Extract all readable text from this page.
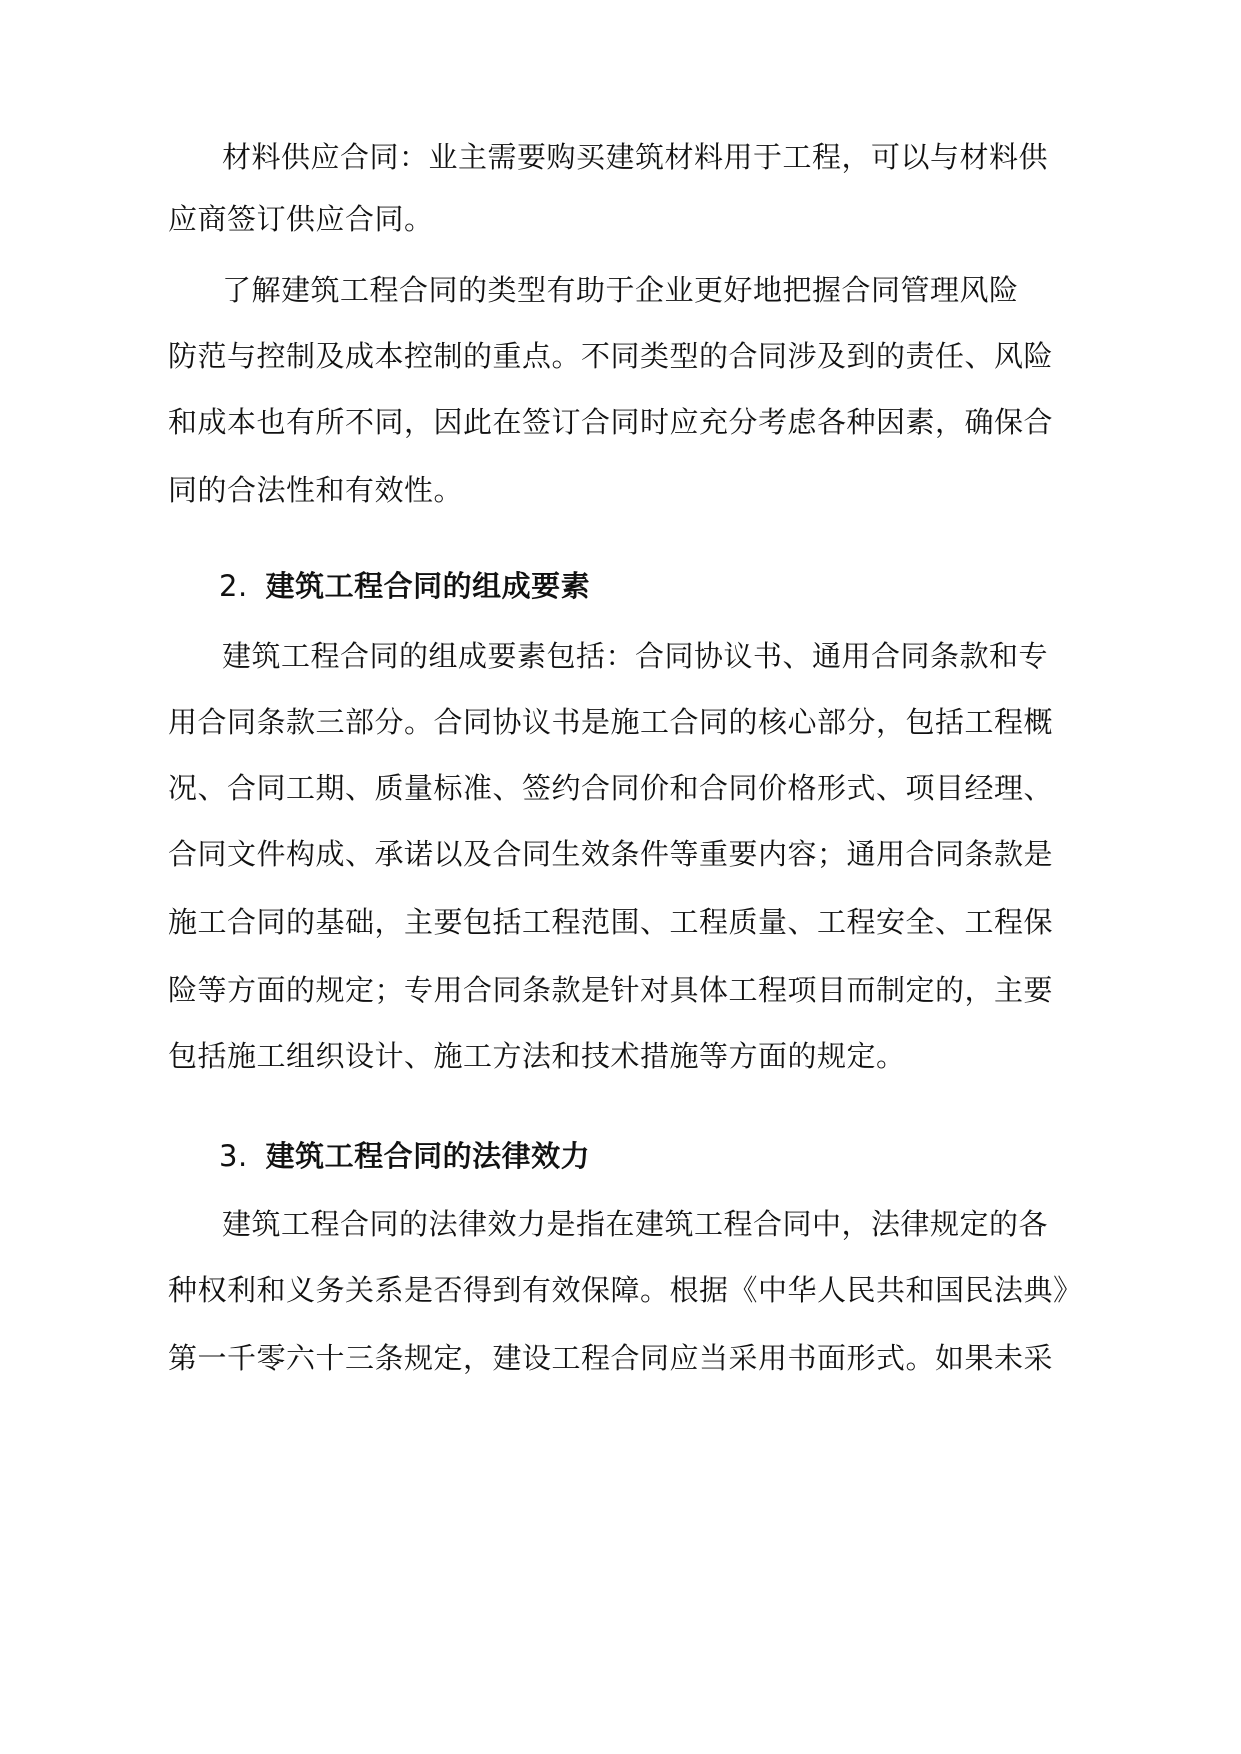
材料供应合同：业主需要购买建筑材料用于工程，可以与材料供

应商签订供应合同。

了解建筑工程合同的类型有助于企业更好地把握合同管理风险

防范与控制及成本控制的重点。不同类型的合同涉及到的责任、风险

和成本也有所不同，因此在签订合同时应充分考虑各种因素，确保合

同的合法性和有效性。

2. 建筑工程合同的组成要素

建筑工程合同的组成要素包括：合同协议书、通用合同条款和专

用合同条款三部分。合同协议书是施工合同的核心部分，包括工程概

况、合同工期、质量标准、签约合同价和合同价格形式、项目经理、

合同文件构成、承诺以及合同生效条件等重要内容；通用合同条款是

施工合同的基础，主要包括工程范围、工程质量、工程安全、工程保

险等方面的规定；专用合同条款是针对具体工程项目而制定的，主要

包括施工组织设计、施工方法和技术措施等方面的规定。

3. 建筑工程合同的法律效力

建筑工程合同的法律效力是指在建筑工程合同中，法律规定的各

种权利和义务关系是否得到有效保障。根据《中华人民共和国民法典》

第一千零六十三条规定，建设工程合同应当采用书面形式。如果未采
